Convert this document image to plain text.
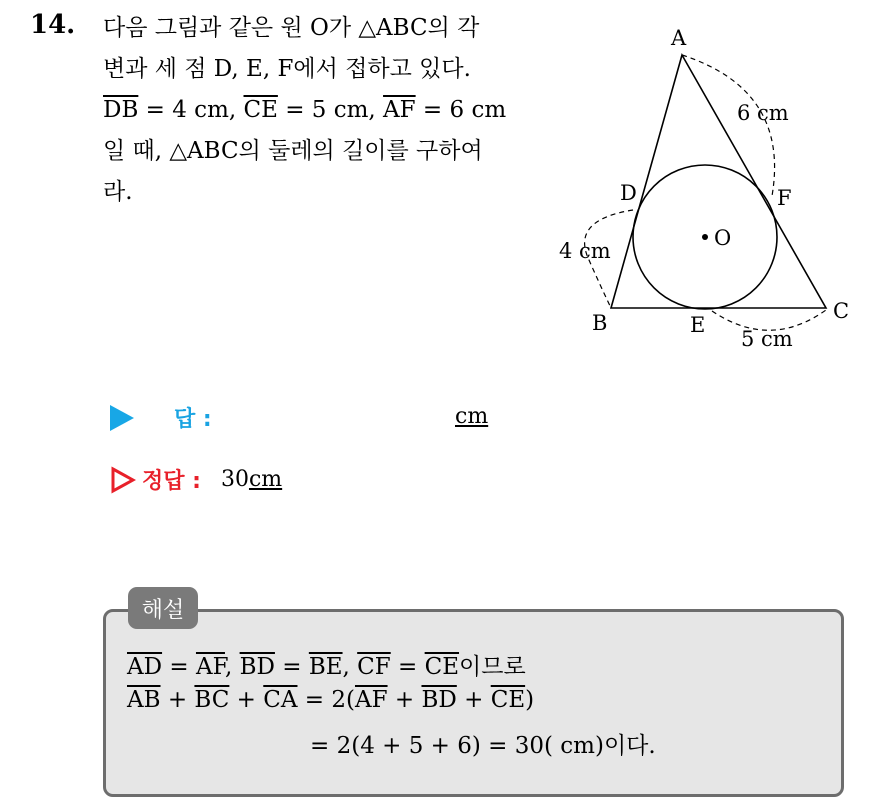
14. 다음 그림과 같은 원 O가 △ABC의 각
변과 세 점 D, E, F에서 접하고 있다.
$\overline{DB} = 4$ cm, $\overline{CE} = 5$ cm, $\overline{AF} = 6$ cm
일 때, △ABC의 둘레의 길이를 구하여
라.
A
B	C
D
E
F
O
6 cm
4 cm
5 cm
답 :	cm
정답 : 30 cm
해설
$\overline{AD} = \overline{AF}$, $\overline{BD} = \overline{BE}$, $\overline{CF} = \overline{CE}$이므로
$\overline{AB} + \overline{BC} + \overline{CA} = 2(\overline{AF} + \overline{BD} + \overline{CE})$
= 2(4 + 5 + 6) = 30( cm)이다.
